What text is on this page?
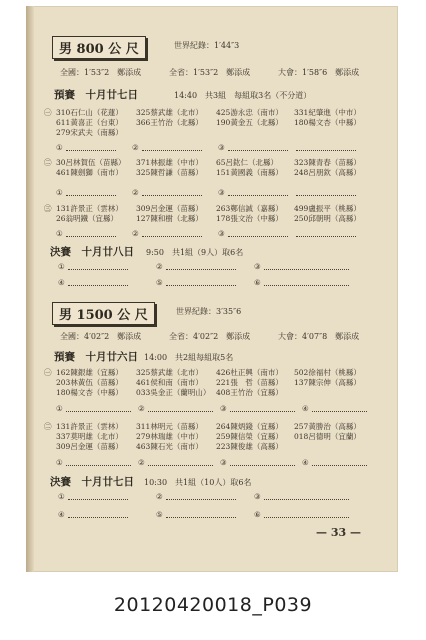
男 800 公 尺	世界紀錄：1′44″3
全國：1′53″2　鄭添成	全省：1′53″2　鄭添成	大會：1′58″6　鄭添成
預賽　十月廿七日	14:40　共3組　每組取3名（不分道）
㊀ 310石仁山（花蓮） 325蔡武雄（北市） 425游永忠（南市） 331紀肇進（中市）
611黃喜正（台東） 366王竹治（北縣） 190黃金五（北縣） 180楊文杏（中縣）
279宋武夫（南縣）
①	②	③
㊁ 30呂林賀伍（苗縣） 371林振雄（中市） 65呂鈜仁（北縣） 323陳青春（苗縣）
461陳劍獅（南市） 325陳哲謙（苗縣） 151黃國義（南縣） 248呂朋欽（高縣）
①	②	③
㊂ 131許景正（雲林） 309呂金運（苗縣） 263鄭信誠（嘉縣） 499盧振平（桃縣）
26翁明鐵（宜縣） 127陳和樹（北縣） 178張文治（中縣） 250邱朝明（高縣）
①	②	③
決賽　十月廿八日 9:50　共1組（9人）取6名
①	②	③
④	⑤	⑥
男 1500 公 尺	世界紀錄：3′35″6
全國：4′02″2　鄭添成	全省：4′02″2　鄭添成	大會：4′07″8　鄭添成
預賽　十月廿六日 14:00　共2組每組取5名
㊀ 162陳銀雄（宜縣） 325蔡武雄（北市） 426杜正興（南市） 502徐福村（桃縣）
203林黃伍（苗縣） 461侯和南（南市） 221張　哲（苗縣） 137陳宗伸（高縣）
180楊文杏（中縣） 033吳金正（蘭明山） 408王竹治（宜縣）
①	②	③	④
㊁ 131許景正（雲林） 311林明元（苗縣） 264陳炳錢（宜縣） 257黃勝治（高縣）
337莫明雄（北市） 279林瑞雄（中市） 259陳信榮（宜縣） 018呂德明（宜蘭）
309呂金運（苗縣） 463陳石光（南市） 223陳俊雄（高縣）
①	②	③	④
決賽　十月廿七日 10:30　共1組（10人）取6名
①	②	③
④	⑤	⑥
— 33 —
20120420018_P039
